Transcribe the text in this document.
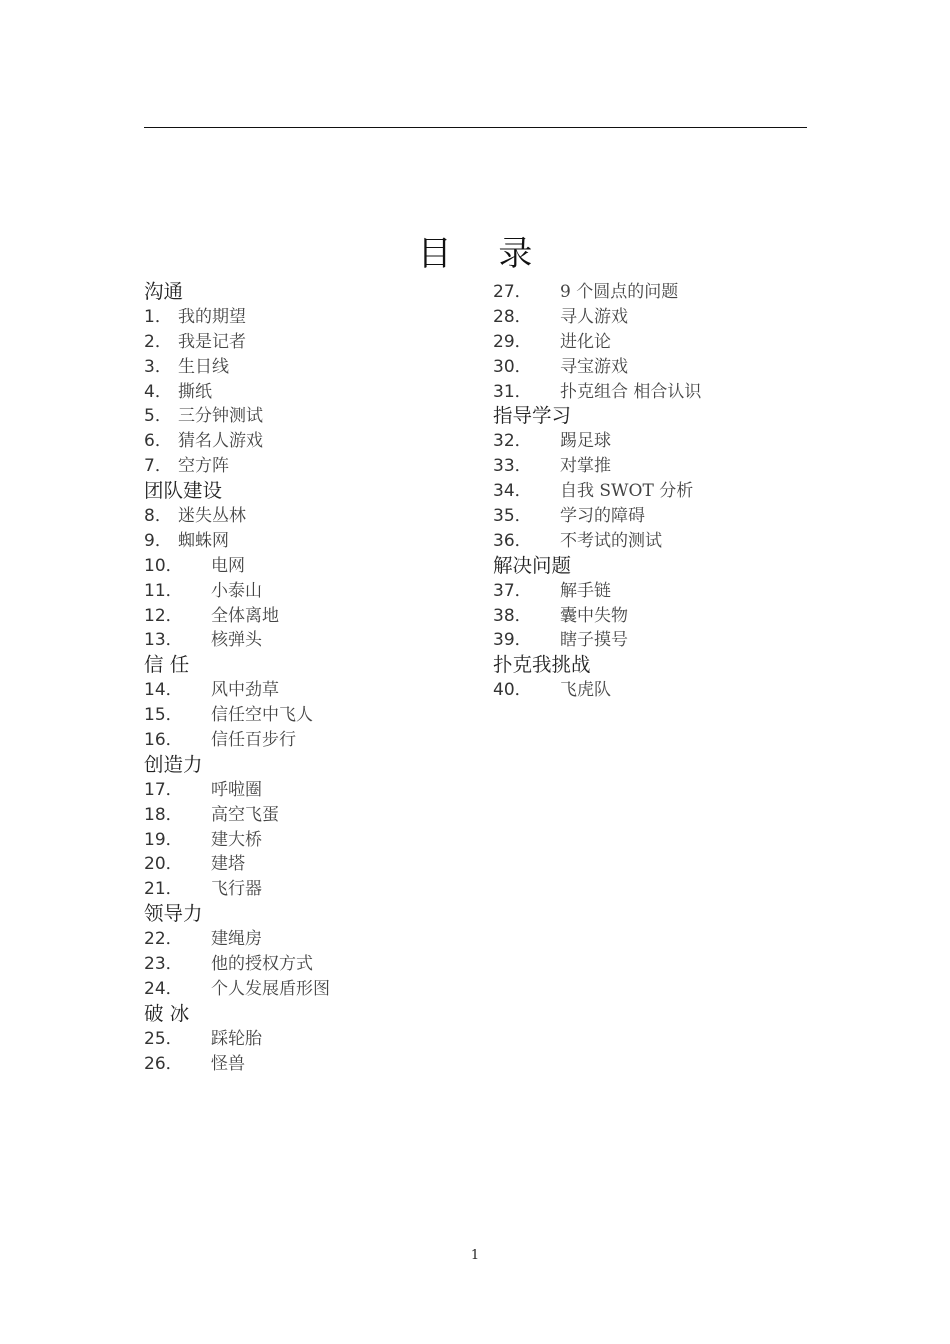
目 录
沟通
1． 我的期望
2． 我是记者
3． 生日线
4． 撕纸
5． 三分钟测试
6． 猜名人游戏
7． 空方阵
团队建设
8． 迷失丛林
9． 蜘蛛网
10． 电网
11． 小泰山
12． 全体离地
13． 核弹头
信 任
14． 风中劲草
15． 信任空中飞人
16． 信任百步行
创造力
17． 呼啦圈
18． 高空飞蛋
19． 建大桥
20． 建塔
21． 飞行器
领导力
22． 建绳房
23． 他的授权方式
24． 个人发展盾形图
破 冰
25． 踩轮胎
26． 怪兽
27． 9 个圆点的问题
28． 寻人游戏
29． 进化论
30． 寻宝游戏
31． 扑克组合 相合认识
指导学习
32． 踢足球
33． 对掌推
34． 自我 SWOT 分析
35． 学习的障碍
36． 不考试的测试
解决问题
37． 解手链
38． 囊中失物
39． 瞎子摸号
扑克我挑战
40． 飞虎队
1
